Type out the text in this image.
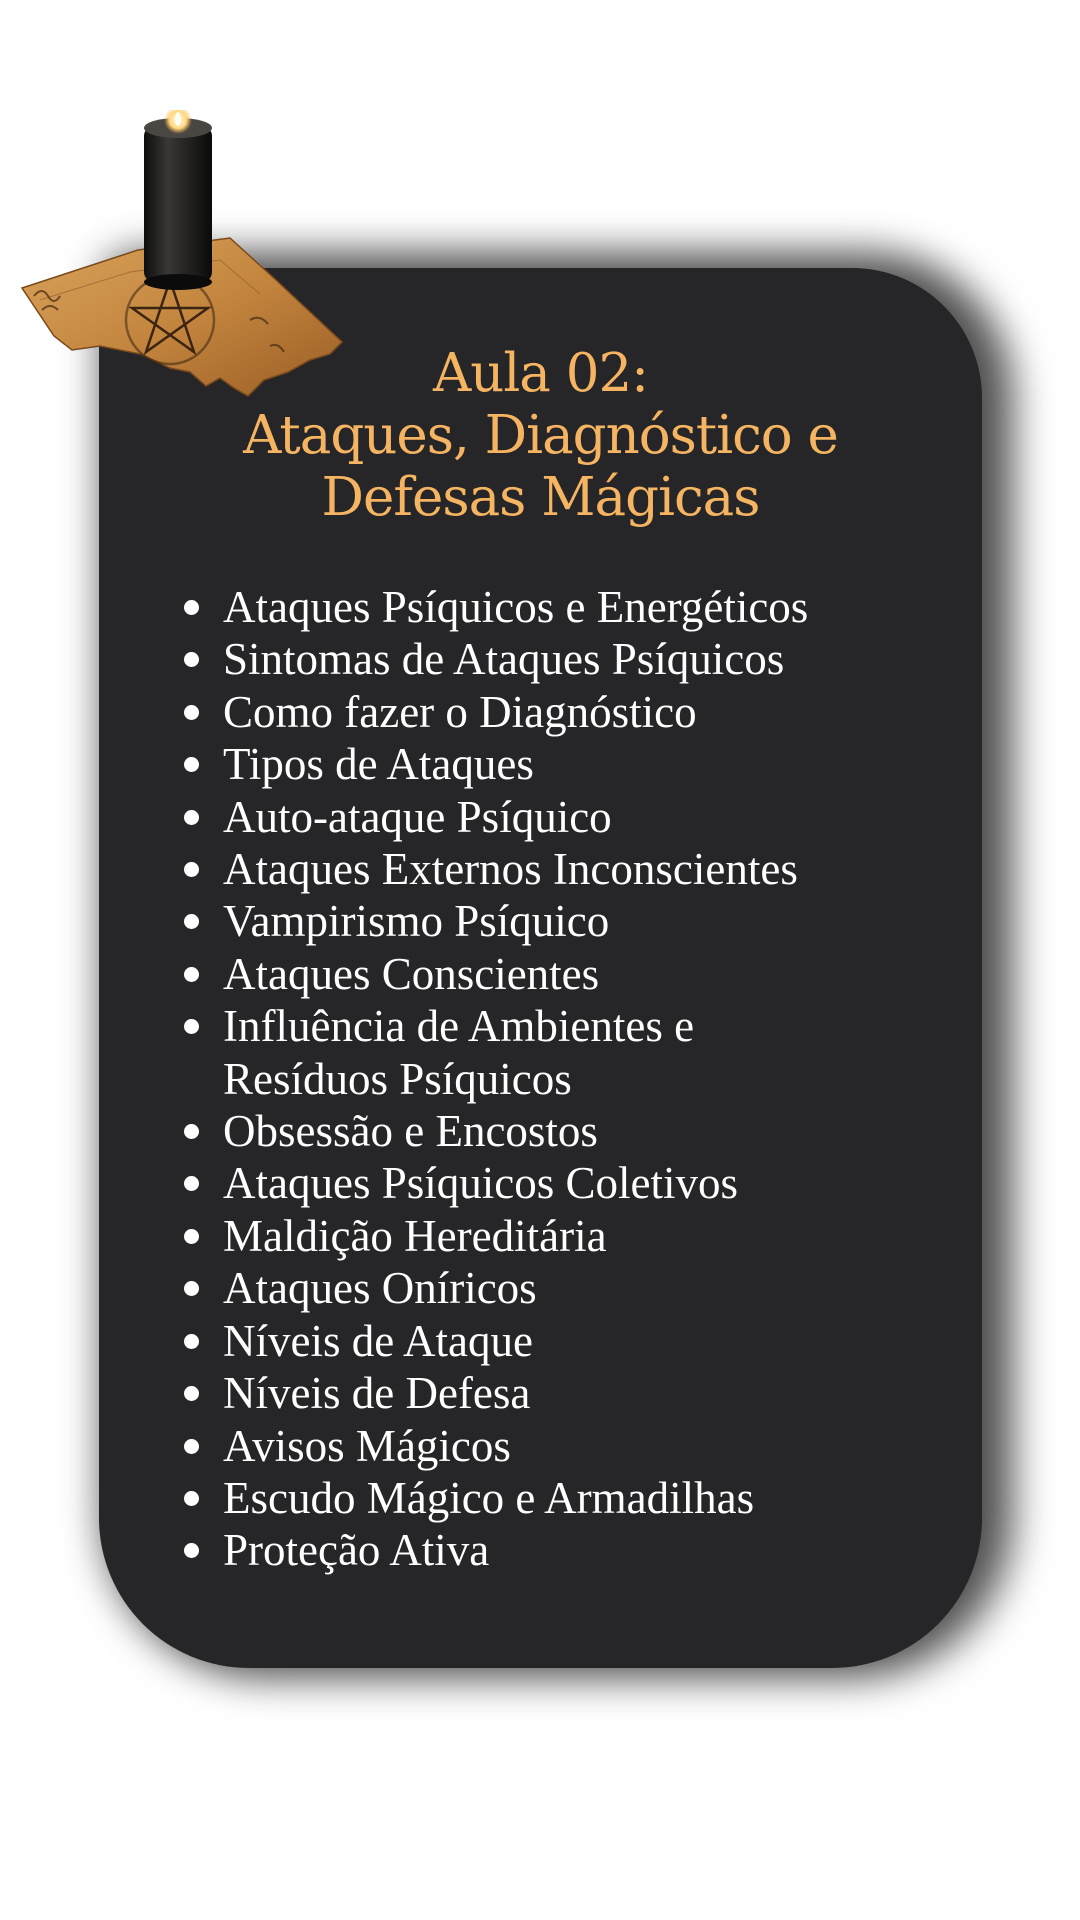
Aula 02:
Ataques, Diagnóstico e
Defesas Mágicas
Ataques Psíquicos e Energéticos
Sintomas de Ataques Psíquicos
Como fazer o Diagnóstico
Tipos de Ataques
Auto-ataque Psíquico
Ataques Externos Inconscientes
Vampirismo Psíquico
Ataques Conscientes
Influência de Ambientes e Resíduos Psíquicos
Obsessão e Encostos
Ataques Psíquicos Coletivos
Maldição Hereditária
Ataques Oníricos
Níveis de Ataque
Níveis de Defesa
Avisos Mágicos
Escudo Mágico e Armadilhas
Proteção Ativa
